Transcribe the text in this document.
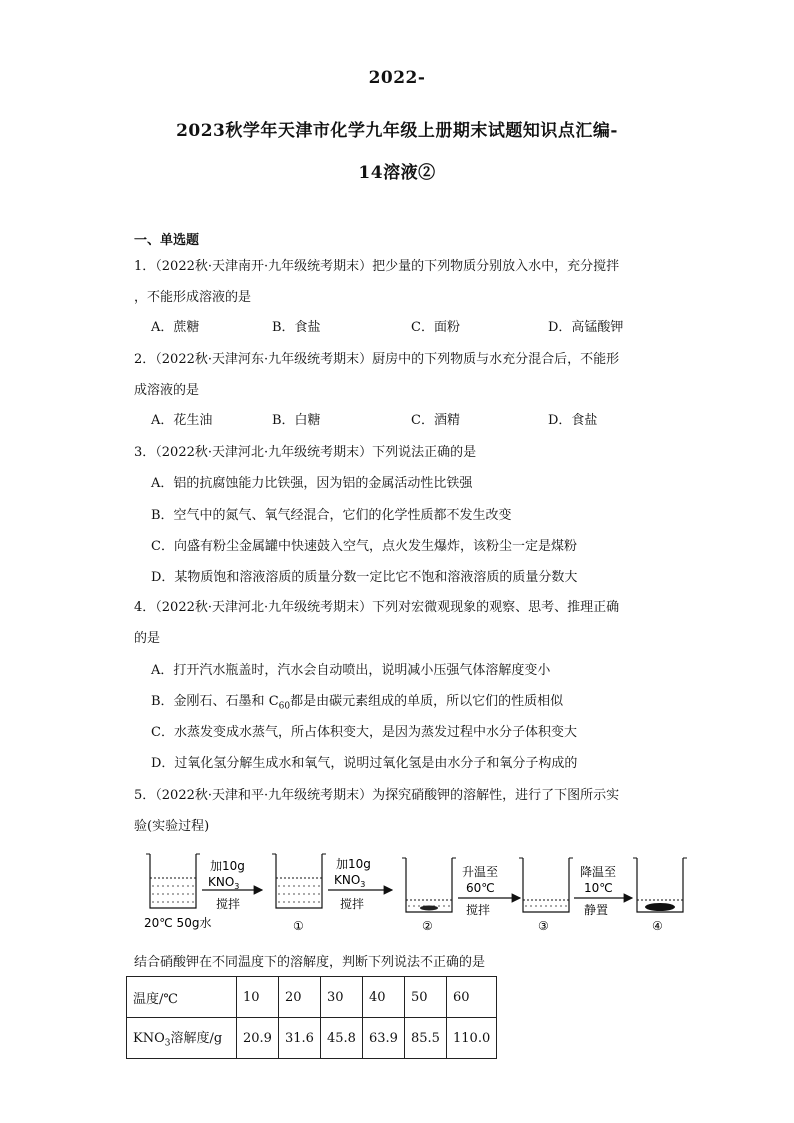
2022-
2023秋学年天津市化学九年级上册期末试题知识点汇编-
14溶液②
一、单选题
1．（2022秋·天津南开·九年级统考期末）把少量的下列物质分别放入水中，充分搅拌
，不能形成溶液的是
A．蔗糖	B．食盐	C．面粉	D．高锰酸钾
2．（2022秋·天津河东·九年级统考期末）厨房中的下列物质与水充分混合后，不能形
成溶液的是
A．花生油	B．白糖	C．酒精	D．食盐
3．（2022秋·天津河北·九年级统考期末）下列说法正确的是
A．铝的抗腐蚀能力比铁强，因为铝的金属活动性比铁强
B．空气中的氮气、氧气经混合，它们的化学性质都不发生改变
C．向盛有粉尘金属罐中快速鼓入空气，点火发生爆炸，该粉尘一定是煤粉
D．某物质饱和溶液溶质的质量分数一定比它不饱和溶液溶质的质量分数大
4．（2022秋·天津河北·九年级统考期末）下列对宏微观现象的观察、思考、推理正确
的是
A．打开汽水瓶盖时，汽水会自动喷出，说明减小压强气体溶解度变小
B．金刚石、石墨和 $C_{60}$都是由碳元素组成的单质，所以它们的性质相似
C．水蒸发变成水蒸气，所占体积变大，是因为蒸发过程中水分子体积变大
D．过氧化氢分解生成水和氧气，说明过氧化氢是由水分子和氧分子构成的
5．（2022秋·天津和平·九年级统考期末）为探究硝酸钾的溶解性，进行了下图所示实
验(实验过程)
20℃ 50g水
加10g
$KNO_3$
搅拌
①
加10g
$KNO_3$
搅拌
②
升温至
60℃
搅拌
③
降温至
10℃
静置
④
结合硝酸钾在不同温度下的溶解度，判断下列说法不正确的是
温度/℃	10	20	30	40	50	60
$KNO_3$溶解度/g	20.9	31.6	45.8	63.9	85.5	110.0
